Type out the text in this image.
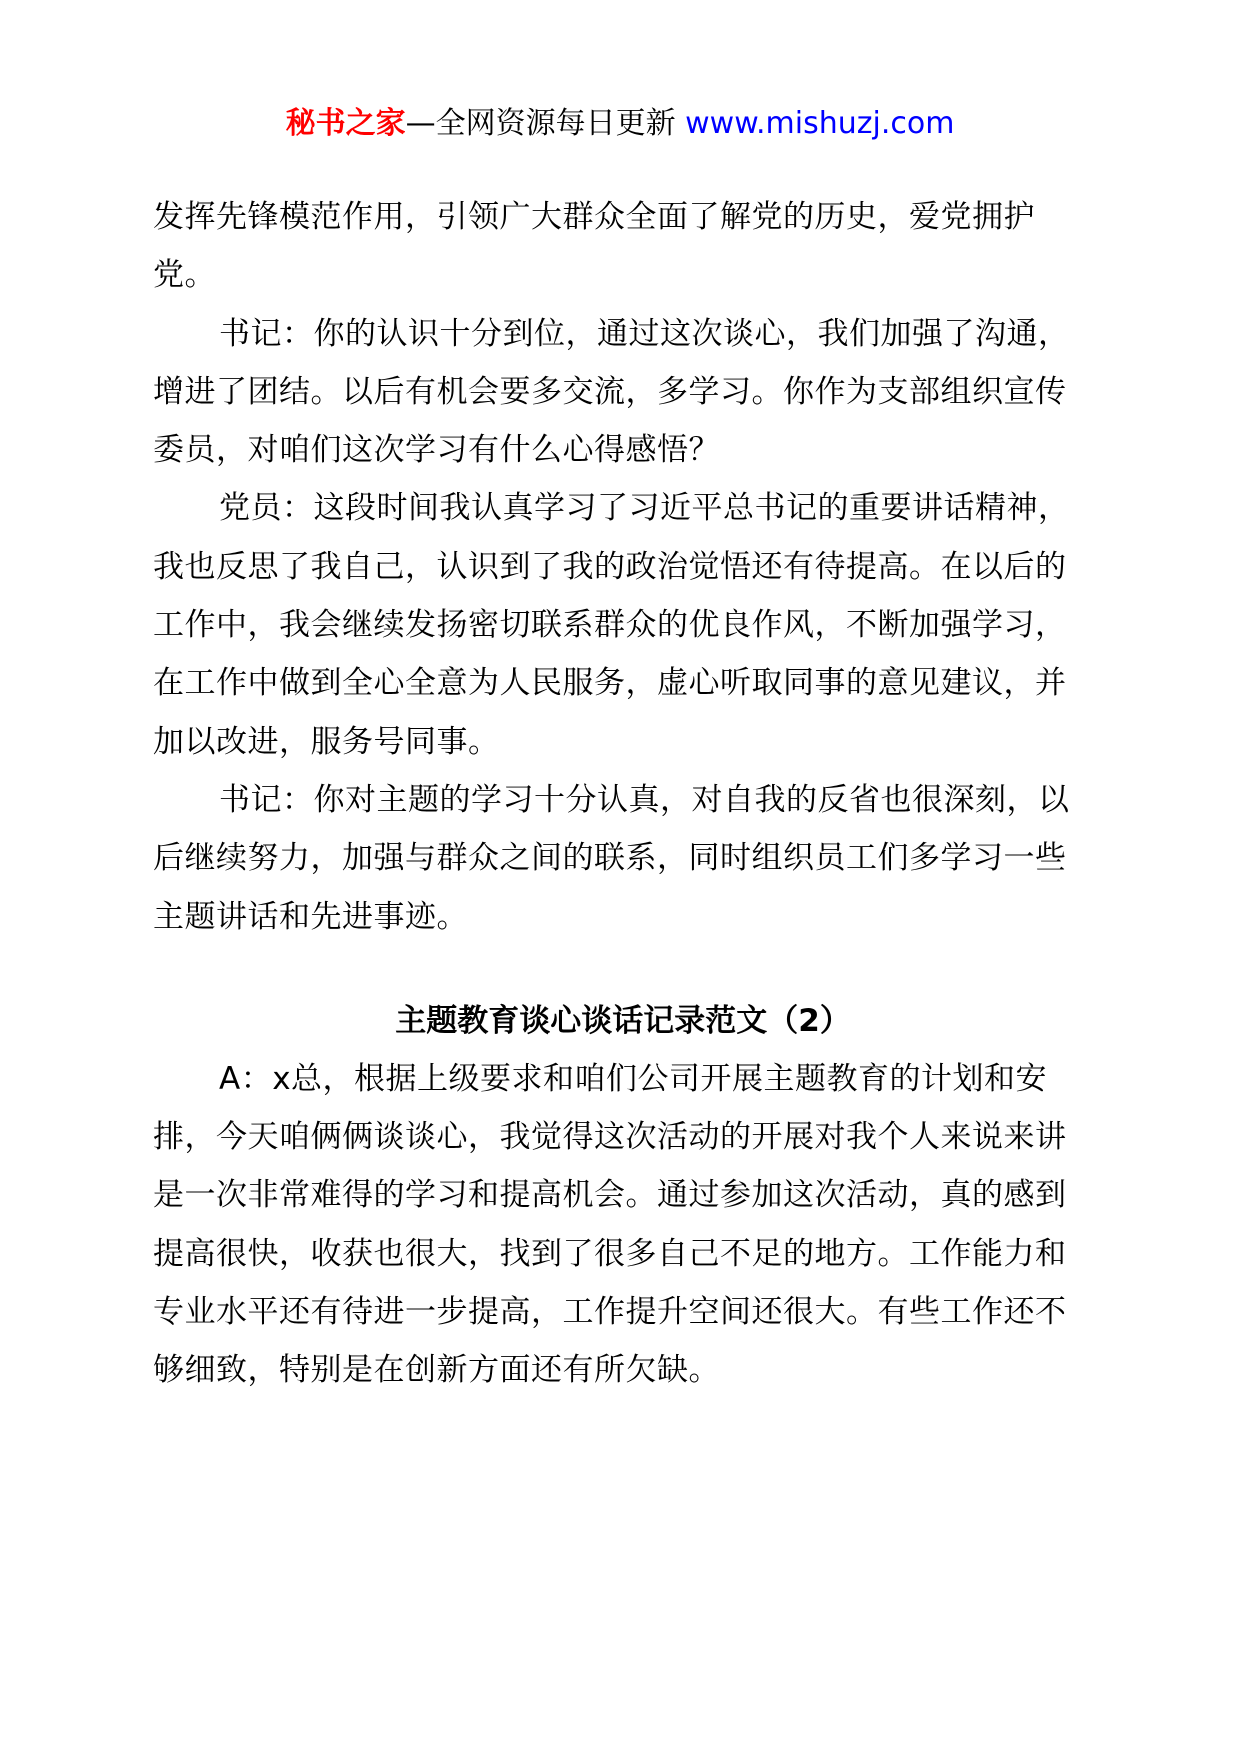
秘书之家—全网资源每日更新 www.mishuzj.com

发挥先锋模范作用，引领广大群众全面了解党的历史，爱党拥护党。

书记：你的认识十分到位，通过这次谈心，我们加强了沟通，增进了团结。以后有机会要多交流，多学习。你作为支部组织宣传委员，对咱们这次学习有什么心得感悟？

党员：这段时间我认真学习了习近平总书记的重要讲话精神，我也反思了我自己，认识到了我的政治觉悟还有待提高。在以后的工作中，我会继续发扬密切联系群众的优良作风，不断加强学习，在工作中做到全心全意为人民服务，虚心听取同事的意见建议，并加以改进，服务号同事。

书记：你对主题的学习十分认真，对自我的反省也很深刻，以后继续努力，加强与群众之间的联系，同时组织员工们多学习一些主题讲话和先进事迹。

主题教育谈心谈话记录范文（2）

A：x总，根据上级要求和咱们公司开展主题教育的计划和安排，今天咱俩俩谈谈心，我觉得这次活动的开展对我个人来说来讲是一次非常难得的学习和提高机会。通过参加这次活动，真的感到提高很快，收获也很大，找到了很多自己不足的地方。工作能力和专业水平还有待进一步提高，工作提升空间还很大。有些工作还不够细致，特别是在创新方面还有所欠缺。
